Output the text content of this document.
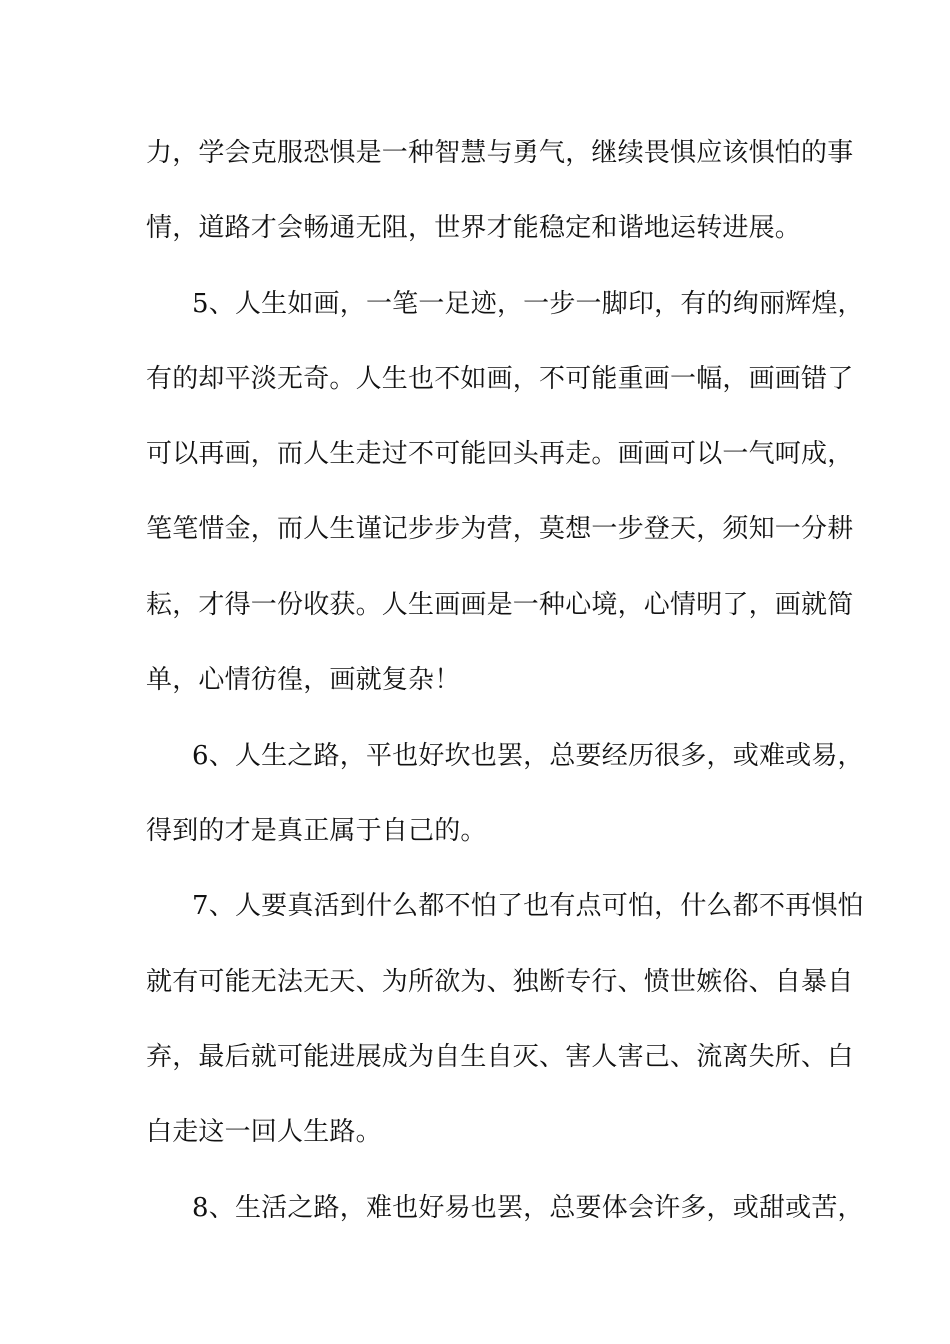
力，学会克服恐惧是一种智慧与勇气，继续畏惧应该惧怕的事
情，道路才会畅通无阻，世界才能稳定和谐地运转进展。
5、人生如画，一笔一足迹，一步一脚印，有的绚丽辉煌，
有的却平淡无奇。人生也不如画，不可能重画一幅，画画错了
可以再画，而人生走过不可能回头再走。画画可以一气呵成，
笔笔惜金，而人生谨记步步为营，莫想一步登天，须知一分耕
耘，才得一份收获。人生画画是一种心境，心情明了，画就简
单，心情彷徨，画就复杂！
6、人生之路，平也好坎也罢，总要经历很多，或难或易，
得到的才是真正属于自己的。
7、人要真活到什么都不怕了也有点可怕，什么都不再惧怕
就有可能无法无天、为所欲为、独断专行、愤世嫉俗、自暴自
弃，最后就可能进展成为自生自灭、害人害己、流离失所、白
白走这一回人生路。
8、生活之路，难也好易也罢，总要体会许多，或甜或苦，
